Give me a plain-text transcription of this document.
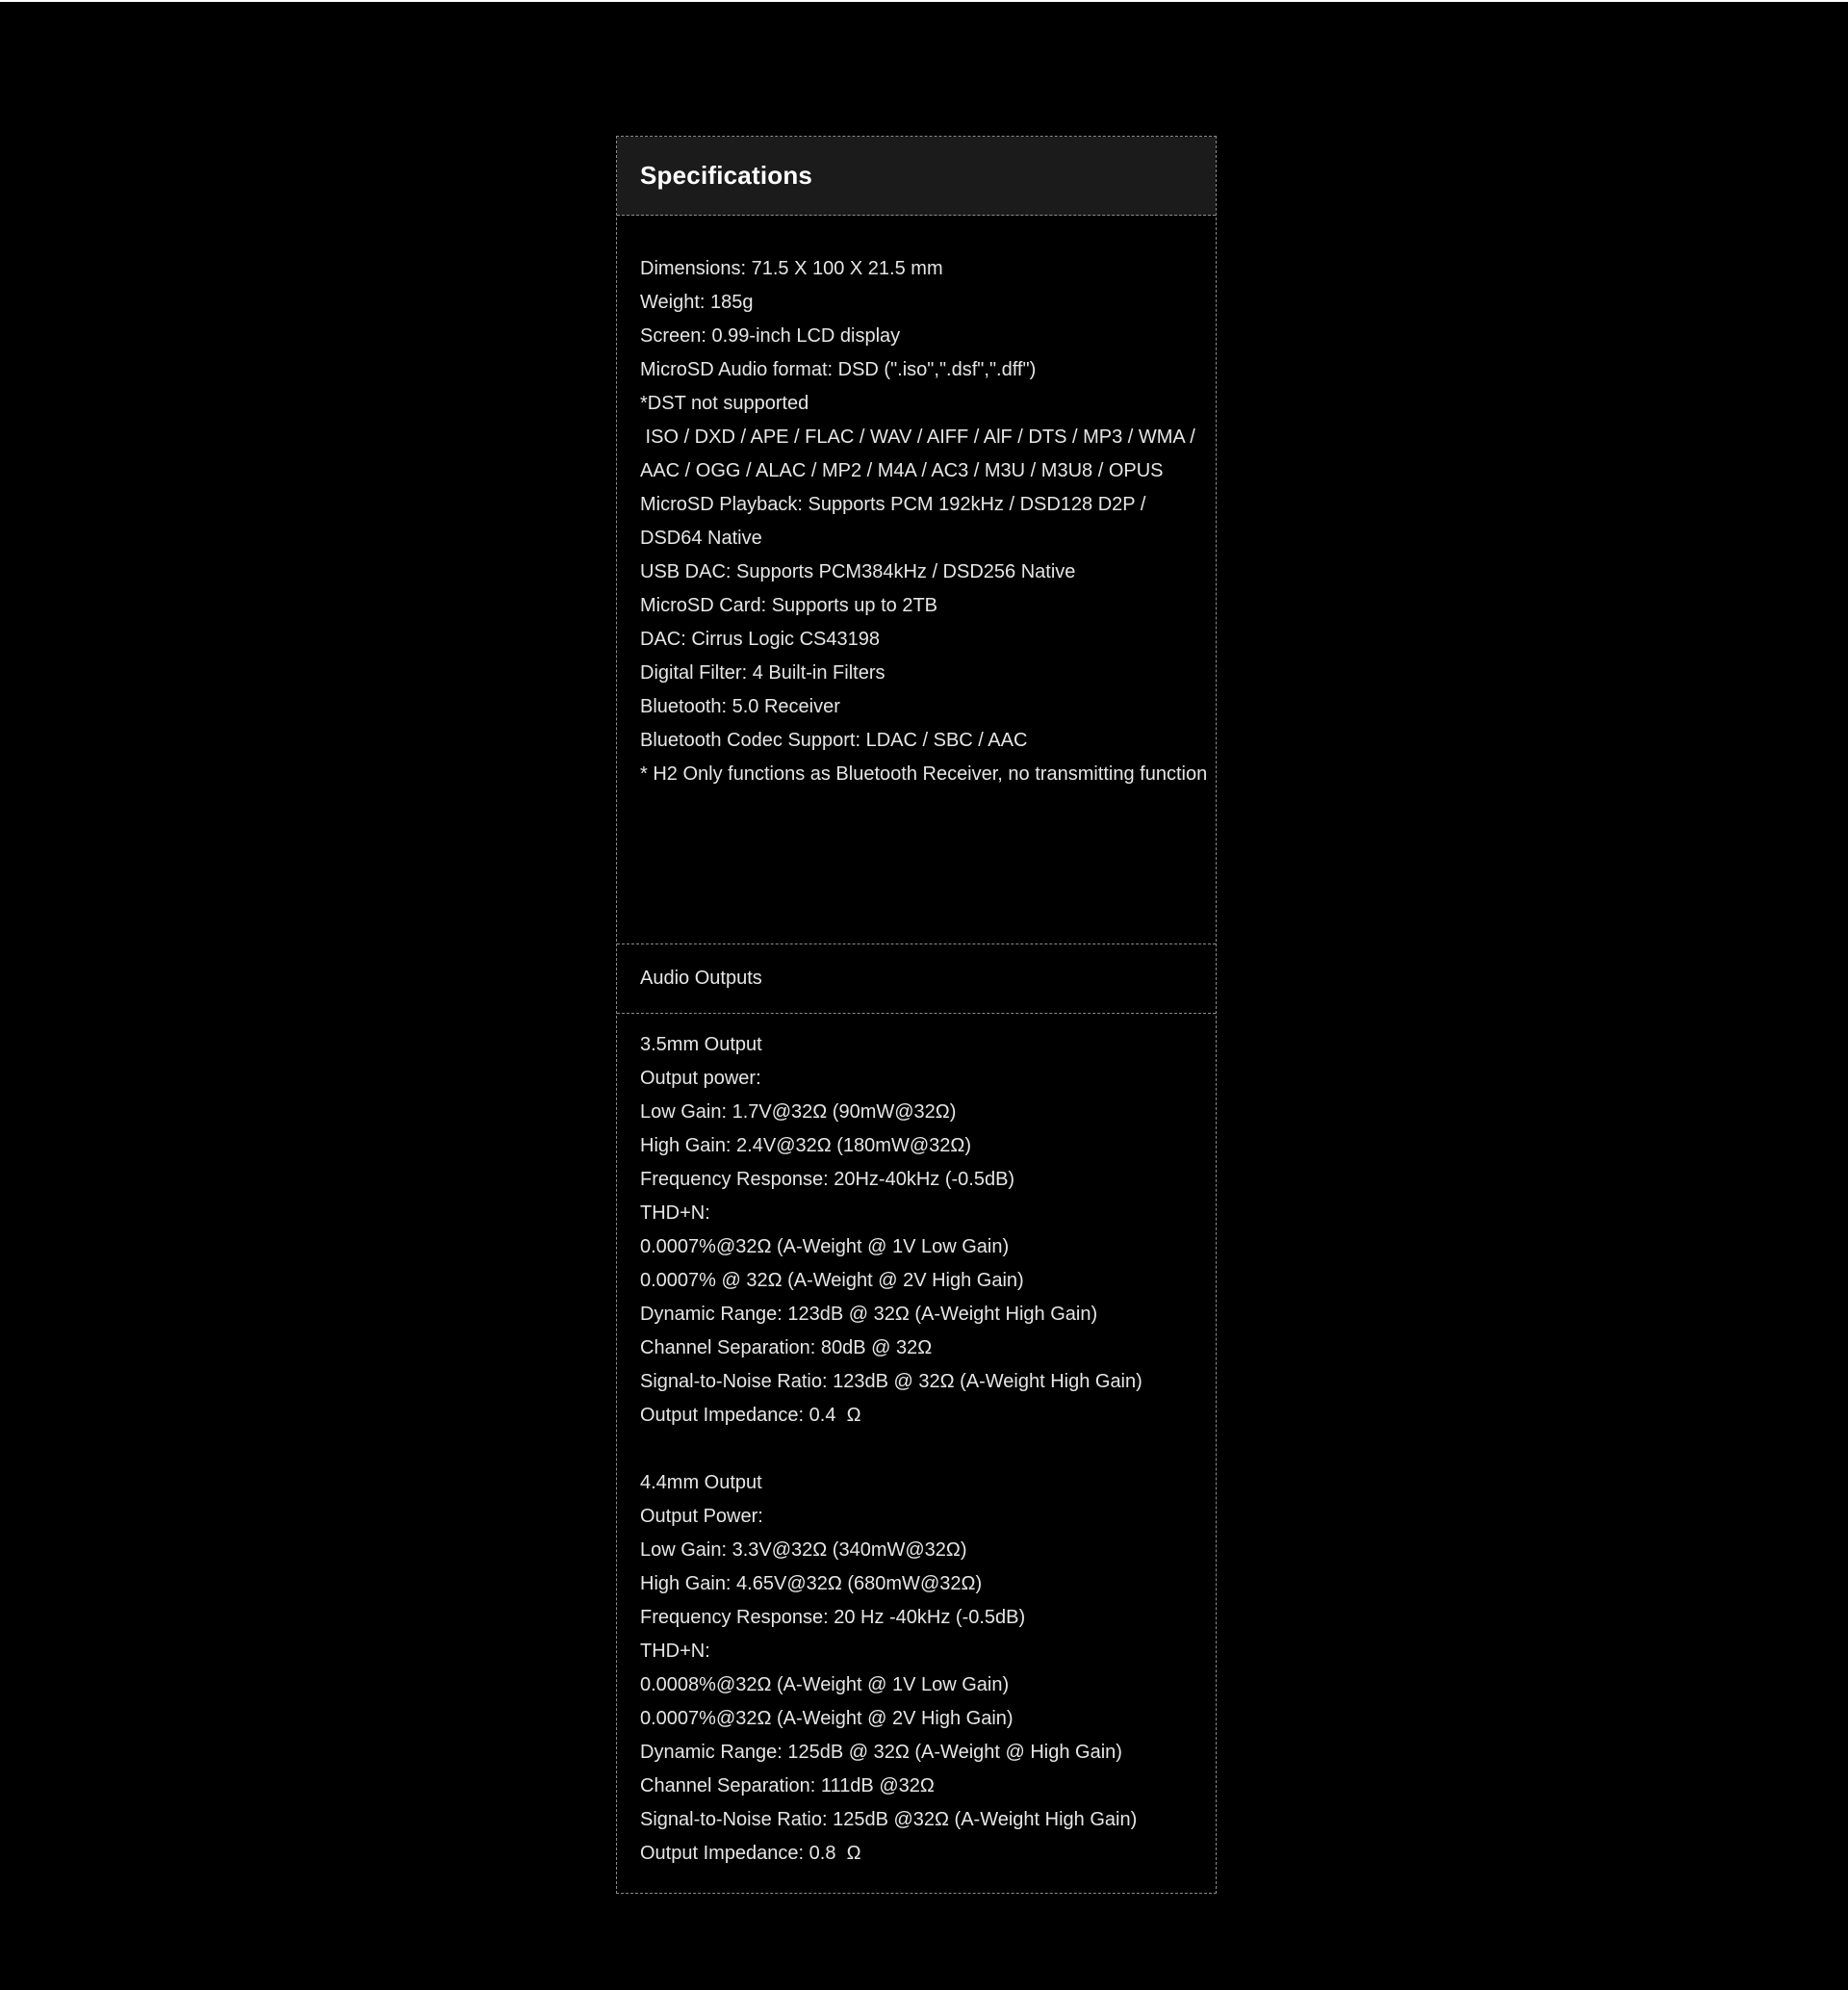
Specifications
Dimensions: 71.5 X 100 X 21.5 mm
Weight: 185g
Screen: 0.99-inch LCD display
MicroSD Audio format: DSD (".iso",".dsf",".dff")
*DST not supported
ISO / DXD / APE / FLAC / WAV / AIFF / AlF / DTS / MP3 / WMA /
AAC / OGG / ALAC / MP2 / M4A / AC3 / M3U / M3U8 / OPUS
MicroSD Playback: Supports PCM 192kHz / DSD128 D2P /
DSD64 Native
USB DAC: Supports PCM384kHz / DSD256 Native
MicroSD Card: Supports up to 2TB
DAC: Cirrus Logic CS43198
Digital Filter: 4 Built-in Filters
Bluetooth: 5.0 Receiver
Bluetooth Codec Support: LDAC / SBC / AAC
* H2 Only functions as Bluetooth Receiver, no transmitting function
Audio Outputs
3.5mm Output
Output power:
Low Gain: 1.7V@32Ω (90mW@32Ω)
High Gain: 2.4V@32Ω (180mW@32Ω)
Frequency Response: 20Hz-40kHz (-0.5dB)
THD+N:
0.0007%@32Ω (A-Weight @ 1V Low Gain)
0.0007% @ 32Ω (A-Weight @ 2V High Gain)
Dynamic Range: 123dB @ 32Ω (A-Weight High Gain)
Channel Separation: 80dB @ 32Ω
Signal-to-Noise Ratio: 123dB @ 32Ω (A-Weight High Gain)
Output Impedance: 0.4  Ω
4.4mm Output
Output Power:
Low Gain: 3.3V@32Ω (340mW@32Ω)
High Gain: 4.65V@32Ω (680mW@32Ω)
Frequency Response: 20 Hz -40kHz (-0.5dB)
THD+N:
0.0008%@32Ω (A-Weight @ 1V Low Gain)
0.0007%@32Ω (A-Weight @ 2V High Gain)
Dynamic Range: 125dB @ 32Ω (A-Weight @ High Gain)
Channel Separation: 111dB @32Ω
Signal-to-Noise Ratio: 125dB @32Ω (A-Weight High Gain)
Output Impedance: 0.8  Ω
